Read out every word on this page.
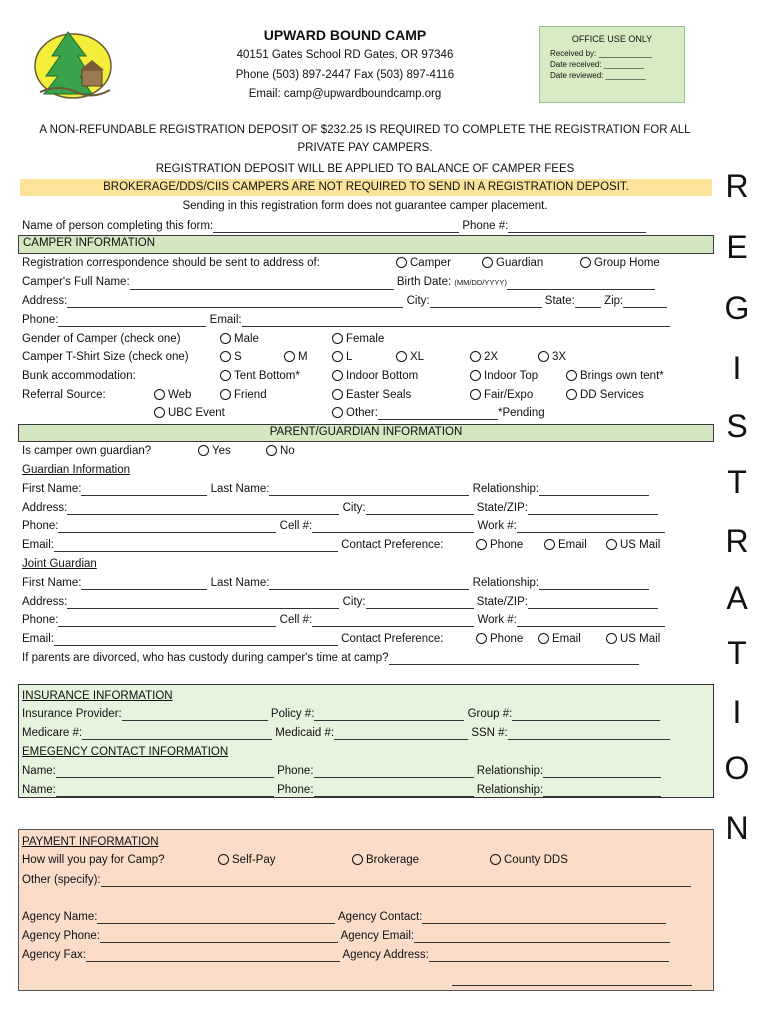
UPWARD BOUND CAMP
40151 Gates School RD Gates, OR 97346
Phone (503) 897-2447 Fax (503) 897-4116
Email: camp@upwardboundcamp.org
OFFICE USE ONLY
Received by: ____________
Date received: _________
Date reviewed: _________
A NON-REFUNDABLE REGISTRATION DEPOSIT OF $232.25 IS REQUIRED TO COMPLETE THE REGISTRATION FOR ALL
PRIVATE PAY CAMPERS.
REGISTRATION DEPOSIT WILL BE APPLIED TO BALANCE OF CAMPER FEES
BROKERAGE/DDS/CIIS CAMPERS ARE NOT REQUIRED TO SEND IN A REGISTRATION DEPOSIT.
Sending in this registration form does not guarantee camper placement.
Name of person completing this form:	Phone #:
CAMPER INFORMATION
Registration correspondence should be sent to address of:	Camper	Guardian	Group Home
Camper's Full Name:	Birth Date: (MM/DD/YYYY)
Address:	City:	State:	Zip:
Phone:	Email:
Gender of Camper (check one)	Male	Female
Camper T-Shirt Size (check one)	S	M	L	XL	2X	3X
Bunk accommodation:	Tent Bottom*	Indoor Bottom	Indoor Top	Brings own tent*
Referral Source:	Web	Friend	Easter Seals	Fair/Expo	DD Services
UBC Event	Other:	*Pending
PARENT/GUARDIAN INFORMATION
Is camper own guardian?	Yes	No
Guardian Information
First Name:	Last Name:	Relationship:
Address:	City:	State/ZIP:
Phone:	Cell #:	Work #:
Email:	Contact Preference:	Phone	Email	US Mail
Joint Guardian
First Name:	Last Name:	Relationship:
Address:	City:	State/ZIP:
Phone:	Cell #:	Work #:
Email:	Contact Preference:	Phone	Email	US Mail
If parents are divorced, who has custody during camper's time at camp?
INSURANCE INFORMATION
Insurance Provider:	Policy #:	Group #:
Medicare #:	Medicaid #:	SSN #:
EMEGENCY CONTACT INFORMATION
Name:	Phone:	Relationship:
Name:	Phone:	Relationship:
PAYMENT INFORMATION
How will you pay for Camp?	Self-Pay	Brokerage	County DDS
Other (specify):
Agency Name:	Agency Contact:
Agency Phone:	Agency Email:
Agency Fax:	Agency Address:
R
E
G
I
S
T
R
A
T
I
O
N
